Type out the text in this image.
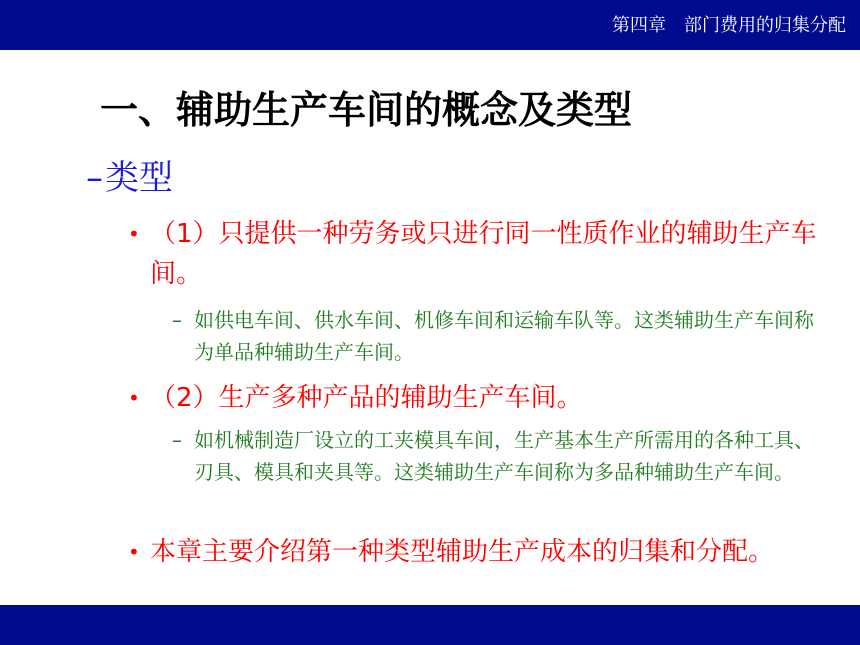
第四章　部门费用的归集分配
一、辅助生产车间的概念及类型
–类型
• （1）只提供一种劳务或只进行同一性质作业的辅助生产车间。
– 如供电车间、供水车间、机修车间和运输车队等。这类辅助生产车间称为单品种辅助生产车间。
• （2）生产多种产品的辅助生产车间。
– 如机械制造厂设立的工夹模具车间，生产基本生产所需用的各种工具、刃具、模具和夹具等。这类辅助生产车间称为多品种辅助生产车间。
• 本章主要介绍第一种类型辅助生产成本的归集和分配。
